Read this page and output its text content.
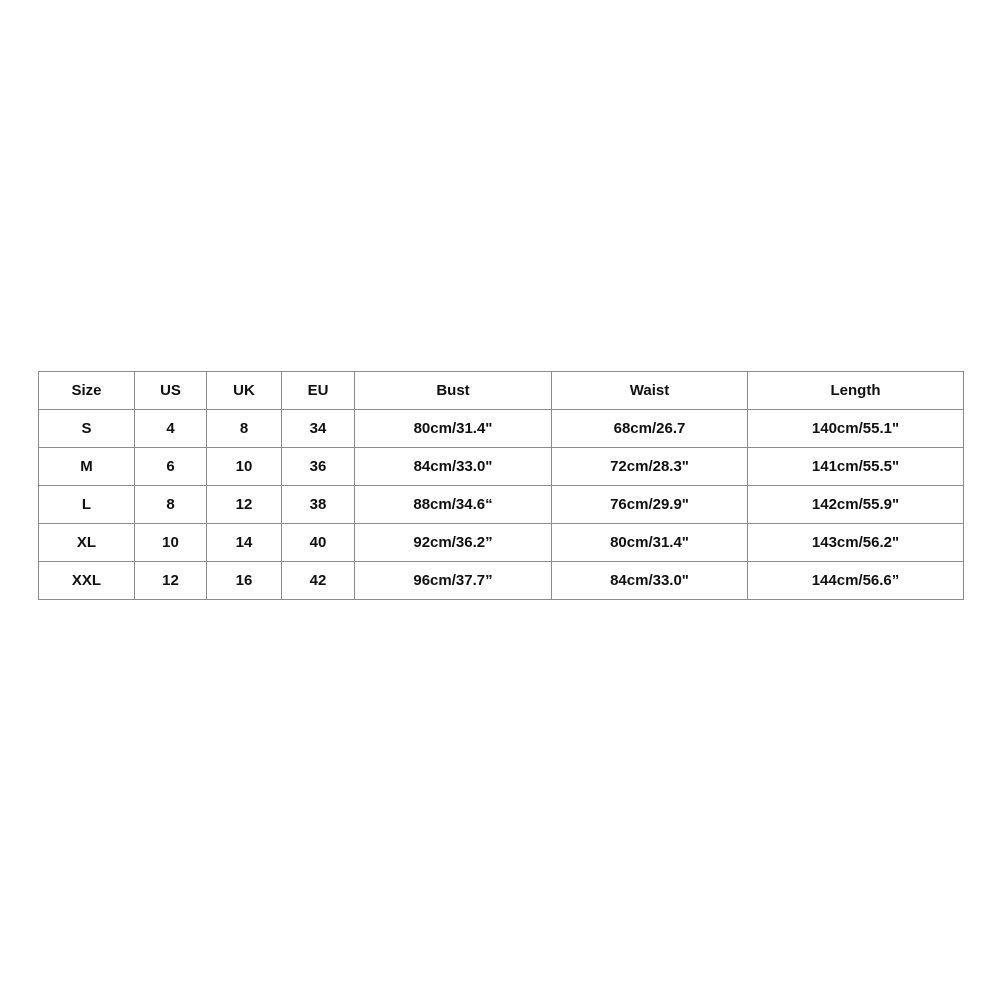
Size	US	UK	EU	Bust	Waist	Length
S	4	8	34	80cm/31.4"	68cm/26.7	140cm/55.1"
M	6	10	36	84cm/33.0"	72cm/28.3"	141cm/55.5"
L	8	12	38	88cm/34.6“	76cm/29.9"	142cm/55.9"
XL	10	14	40	92cm/36.2”	80cm/31.4"	143cm/56.2"
XXL	12	16	42	96cm/37.7”	84cm/33.0"	144cm/56.6”
